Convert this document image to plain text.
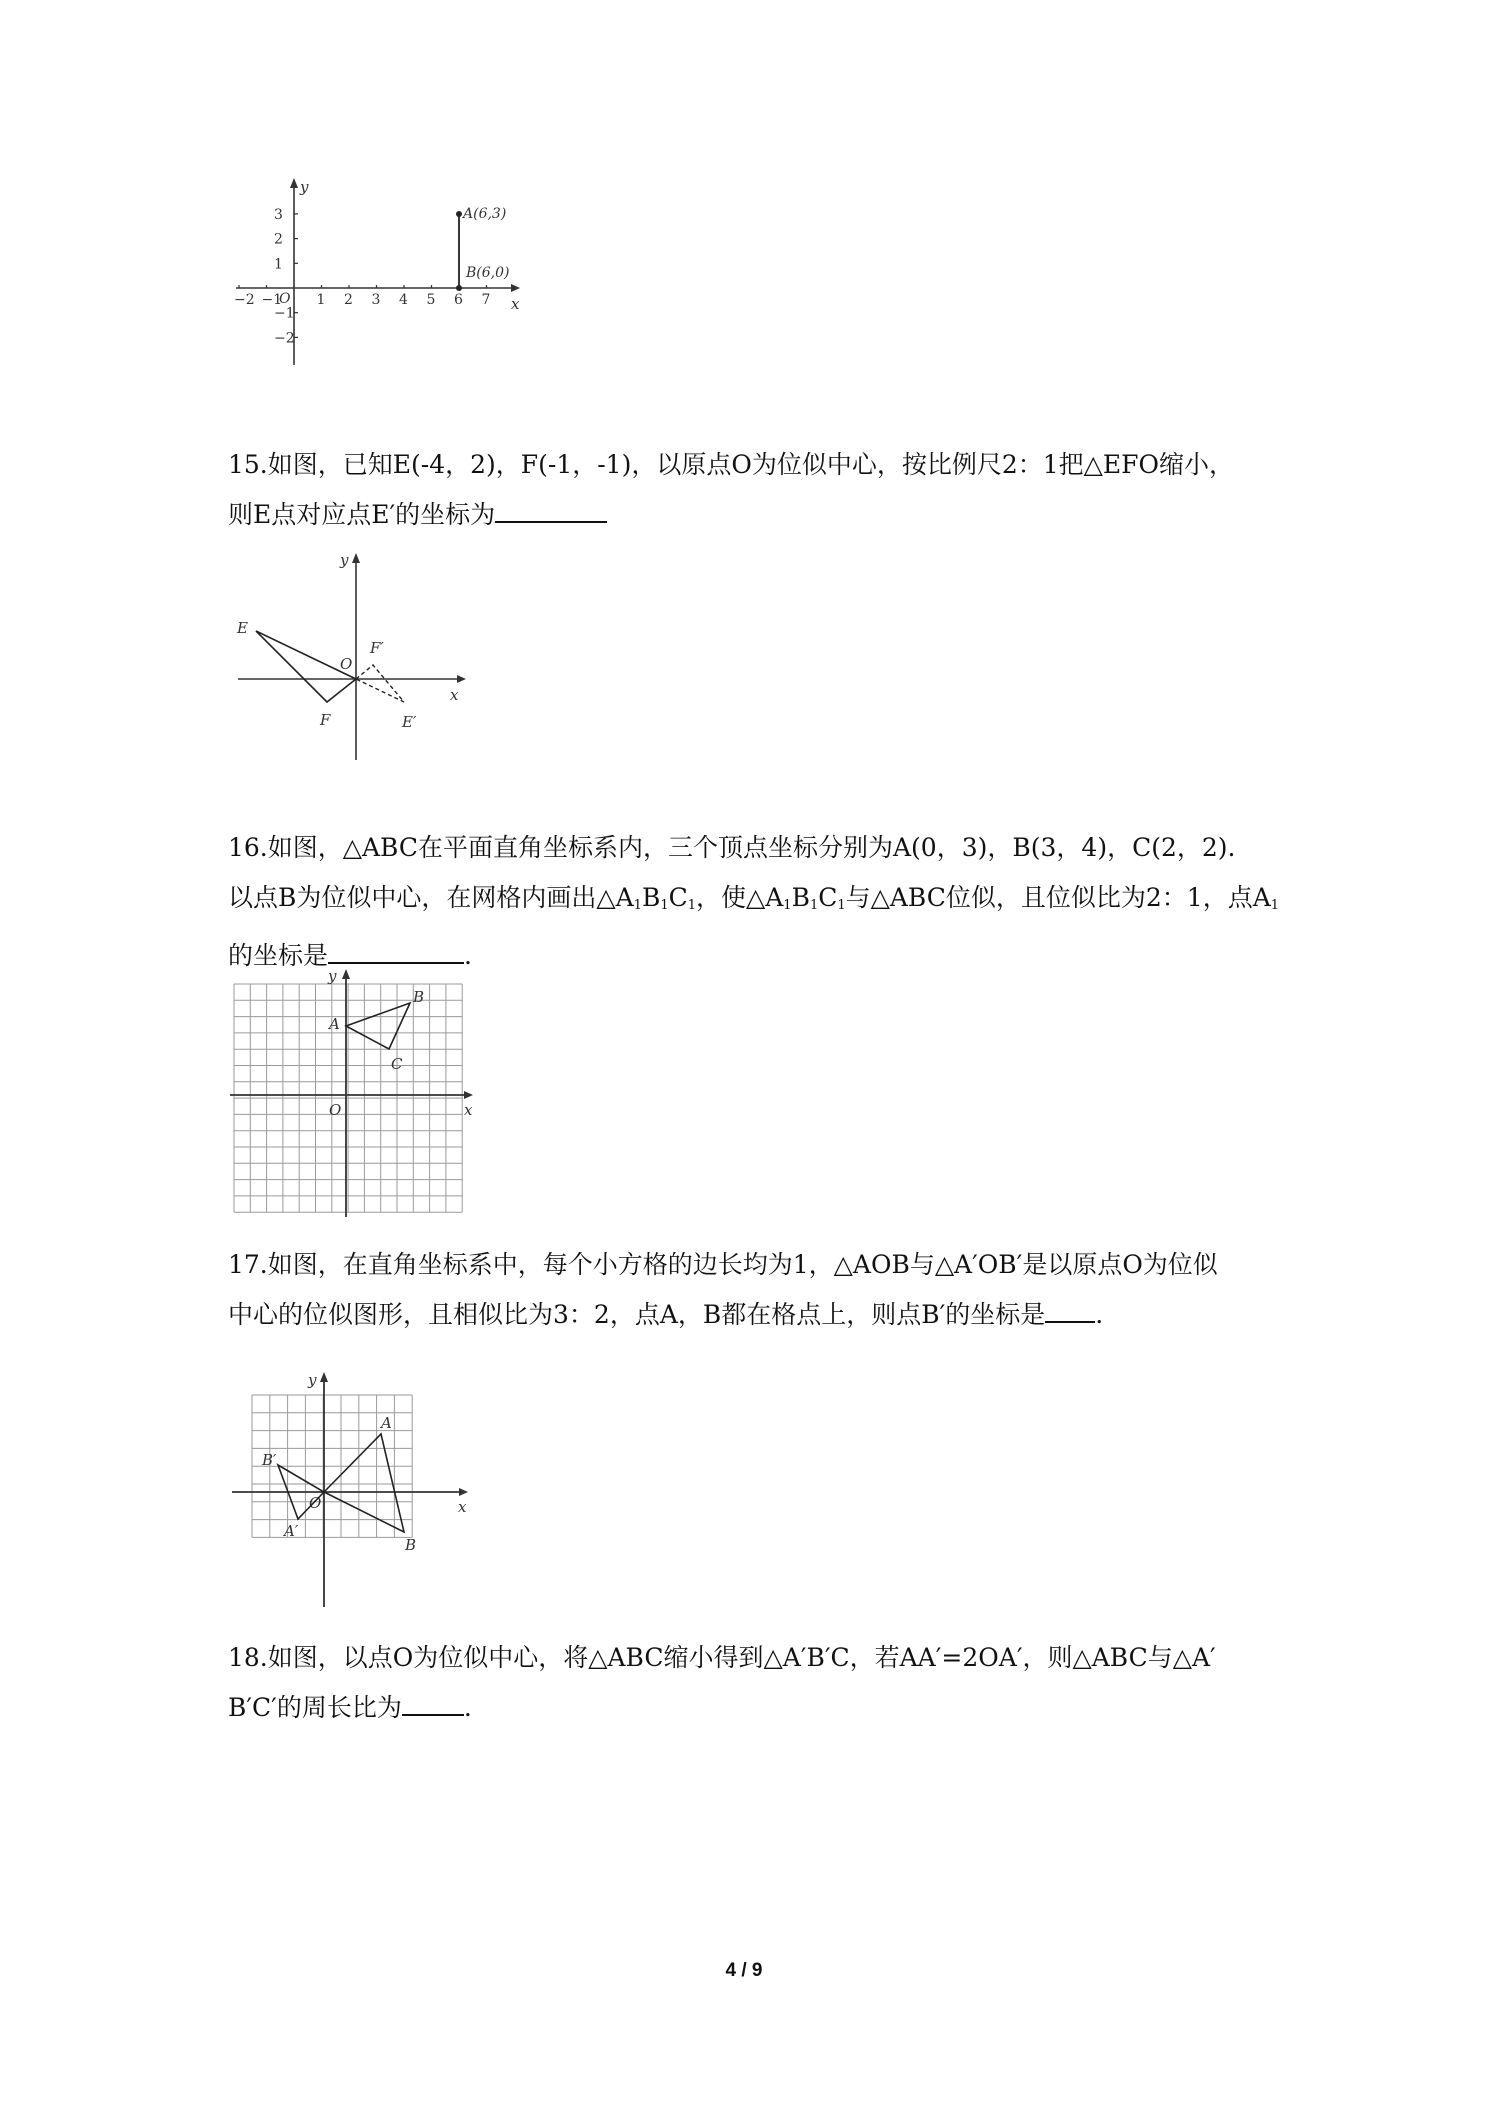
y
x
O
−2 −1 1 2 3 4 5 6 7
3
2
1
−1
−2
A(6,3)
B(6,0)
15.如图，已知E(-4，2)，F(-1，-1)，以原点O为位似中心，按比例尺2：1把△EFO缩小，
则E点对应点E′的坐标为
y
x
O
E
F
F′
E′
16.如图，△ABC在平面直角坐标系内，三个顶点坐标分别为A(0，3)，B(3，4)，C(2，2).
以点B为位似中心，在网格内画出$\triangle A_1B_1C_1$，使$\triangle A_1B_1C_1$与△ABC位似，且位似比为2：1，点$A_1$
的坐标是	.
y
x
O
A
B
C
17.如图，在直角坐标系中，每个小方格的边长均为1，△AOB与△A′OB′是以原点O为位似
中心的位似图形，且相似比为3：2，点A，B都在格点上，则点B′的坐标是 .
y
x
O
A
B
A′
B′
18.如图，以点O为位似中心，将△ABC缩小得到△A′B′C，若AA′=2OA′，则△ABC与△A′
B′C′的周长比为 .
4 / 9
